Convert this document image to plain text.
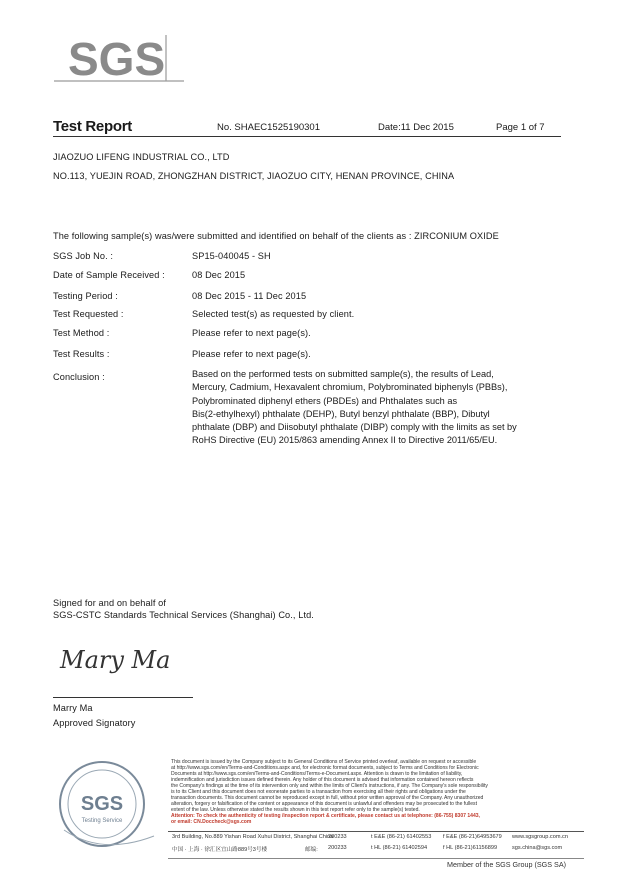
SGS
Test Report	No. SHAEC1525190301	Date:11 Dec 2015	Page 1 of 7
JIAOZUO LIFENG INDUSTRIAL CO., LTD
NO.113, YUEJIN ROAD, ZHONGZHAN DISTRICT, JIAOZUO CITY, HENAN PROVINCE, CHINA
The following sample(s) was/were submitted and identified on behalf of the clients as : ZIRCONIUM OXIDE
SGS Job No. :	SP15-040045 - SH
Date of Sample Received :	08 Dec 2015
Testing Period :	08 Dec 2015 - 11 Dec 2015
Test Requested :	Selected test(s) as requested by client.
Test Method :	Please refer to next page(s).
Test Results :	Please refer to next page(s).
Conclusion :	Based on the performed tests on submitted sample(s), the results of Lead,
Mercury, Cadmium, Hexavalent chromium, Polybrominated biphenyls (PBBs),
Polybrominated diphenyl ethers (PBDEs) and Phthalates such as
Bis(2-ethylhexyl) phthalate (DEHP), Butyl benzyl phthalate (BBP), Dibutyl
phthalate (DBP) and Diisobutyl phthalate (DIBP) comply with the limits as set by
RoHS Directive (EU) 2015/863 amending Annex II to Directive 2011/65/EU.
Signed for and on behalf of
SGS-CSTC Standards Technical Services (Shanghai) Co., Ltd.
Mary Ma
Marry Ma
Approved Signatory
SGS
Testing Service
This document is issued by the Company subject to its General Conditions of Service printed overleaf, available on request or accessible
at http://www.sgs.com/en/Terms-and-Conditions.aspx and, for electronic format documents, subject to Terms and Conditions for Electronic
Documents at http://www.sgs.com/en/Terms-and-Conditions/Terms-e-Document.aspx. Attention is drawn to the limitation of liability,
indemnification and jurisdiction issues defined therein. Any holder of this document is advised that information contained hereon reflects
the Company's findings at the time of its intervention only and within the limits of Client's instructions, if any. The Company's sole responsibility
is to its Client and this document does not exonerate parties to a transaction from exercising all their rights and obligations under the
transaction documents. This document cannot be reproduced except in full, without prior written approval of the Company. Any unauthorized
alteration, forgery or falsification of the content or appearance of this document is unlawful and offenders may be prosecuted to the fullest
extent of the law. Unless otherwise stated the results shown in this test report refer only to the sample(s) tested.
Attention: To check the authenticity of testing /inspection report & certificate, please contact us at telephone: (86-755) 8307 1443,
or email: CN.Doccheck@sgs.com
3rd Building, No.889 Yishan Road Xuhui District, Shanghai China
200233	t E&E (86-21) 61402553 f E&E (86-21)64953679 www.sgsgroup.com.cn
中国 · 上海 · 徐汇区宜山路889号3号楼	邮编: 200233	t HL (86-21) 61402594	f HL (86-21)61156899	sgs.china@sgs.com
Member of the SGS Group (SGS SA)
